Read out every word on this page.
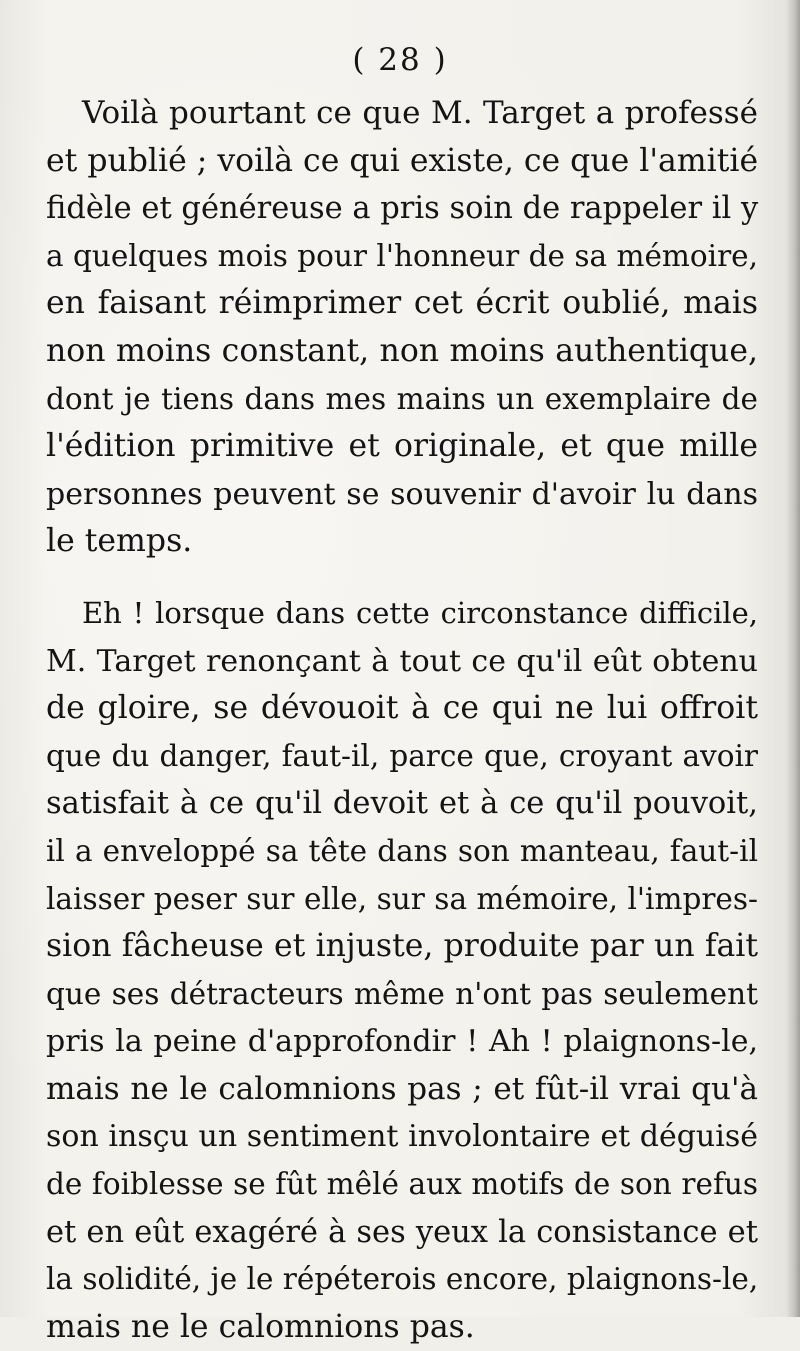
( 28 )
Voilà pourtant ce que M. Target a professé
et publié ; voilà ce qui existe, ce que l'amitié
fidèle et généreuse a pris soin de rappeler il y
a quelques mois pour l'honneur de sa mémoire,
en faisant réimprimer cet écrit oublié, mais
non moins constant, non moins authentique,
dont je tiens dans mes mains un exemplaire de
l'édition primitive et originale, et que mille
personnes peuvent se souvenir d'avoir lu dans
le temps.
Eh ! lorsque dans cette circonstance difficile,
M. Target renonçant à tout ce qu'il eût obtenu
de gloire, se dévouoit à ce qui ne lui offroit
que du danger, faut-il, parce que, croyant avoir
satisfait à ce qu'il devoit et à ce qu'il pouvoit,
il a enveloppé sa tête dans son manteau, faut-il
laisser peser sur elle, sur sa mémoire, l'impres-
sion fâcheuse et injuste, produite par un fait
que ses détracteurs même n'ont pas seulement
pris la peine d'approfondir ! Ah ! plaignons-le,
mais ne le calomnions pas ; et fût-il vrai qu'à
son insçu un sentiment involontaire et déguisé
de foiblesse se fût mêlé aux motifs de son refus
et en eût exagéré à ses yeux la consistance et
la solidité, je le répéterois encore, plaignons-le,
mais ne le calomnions pas.
